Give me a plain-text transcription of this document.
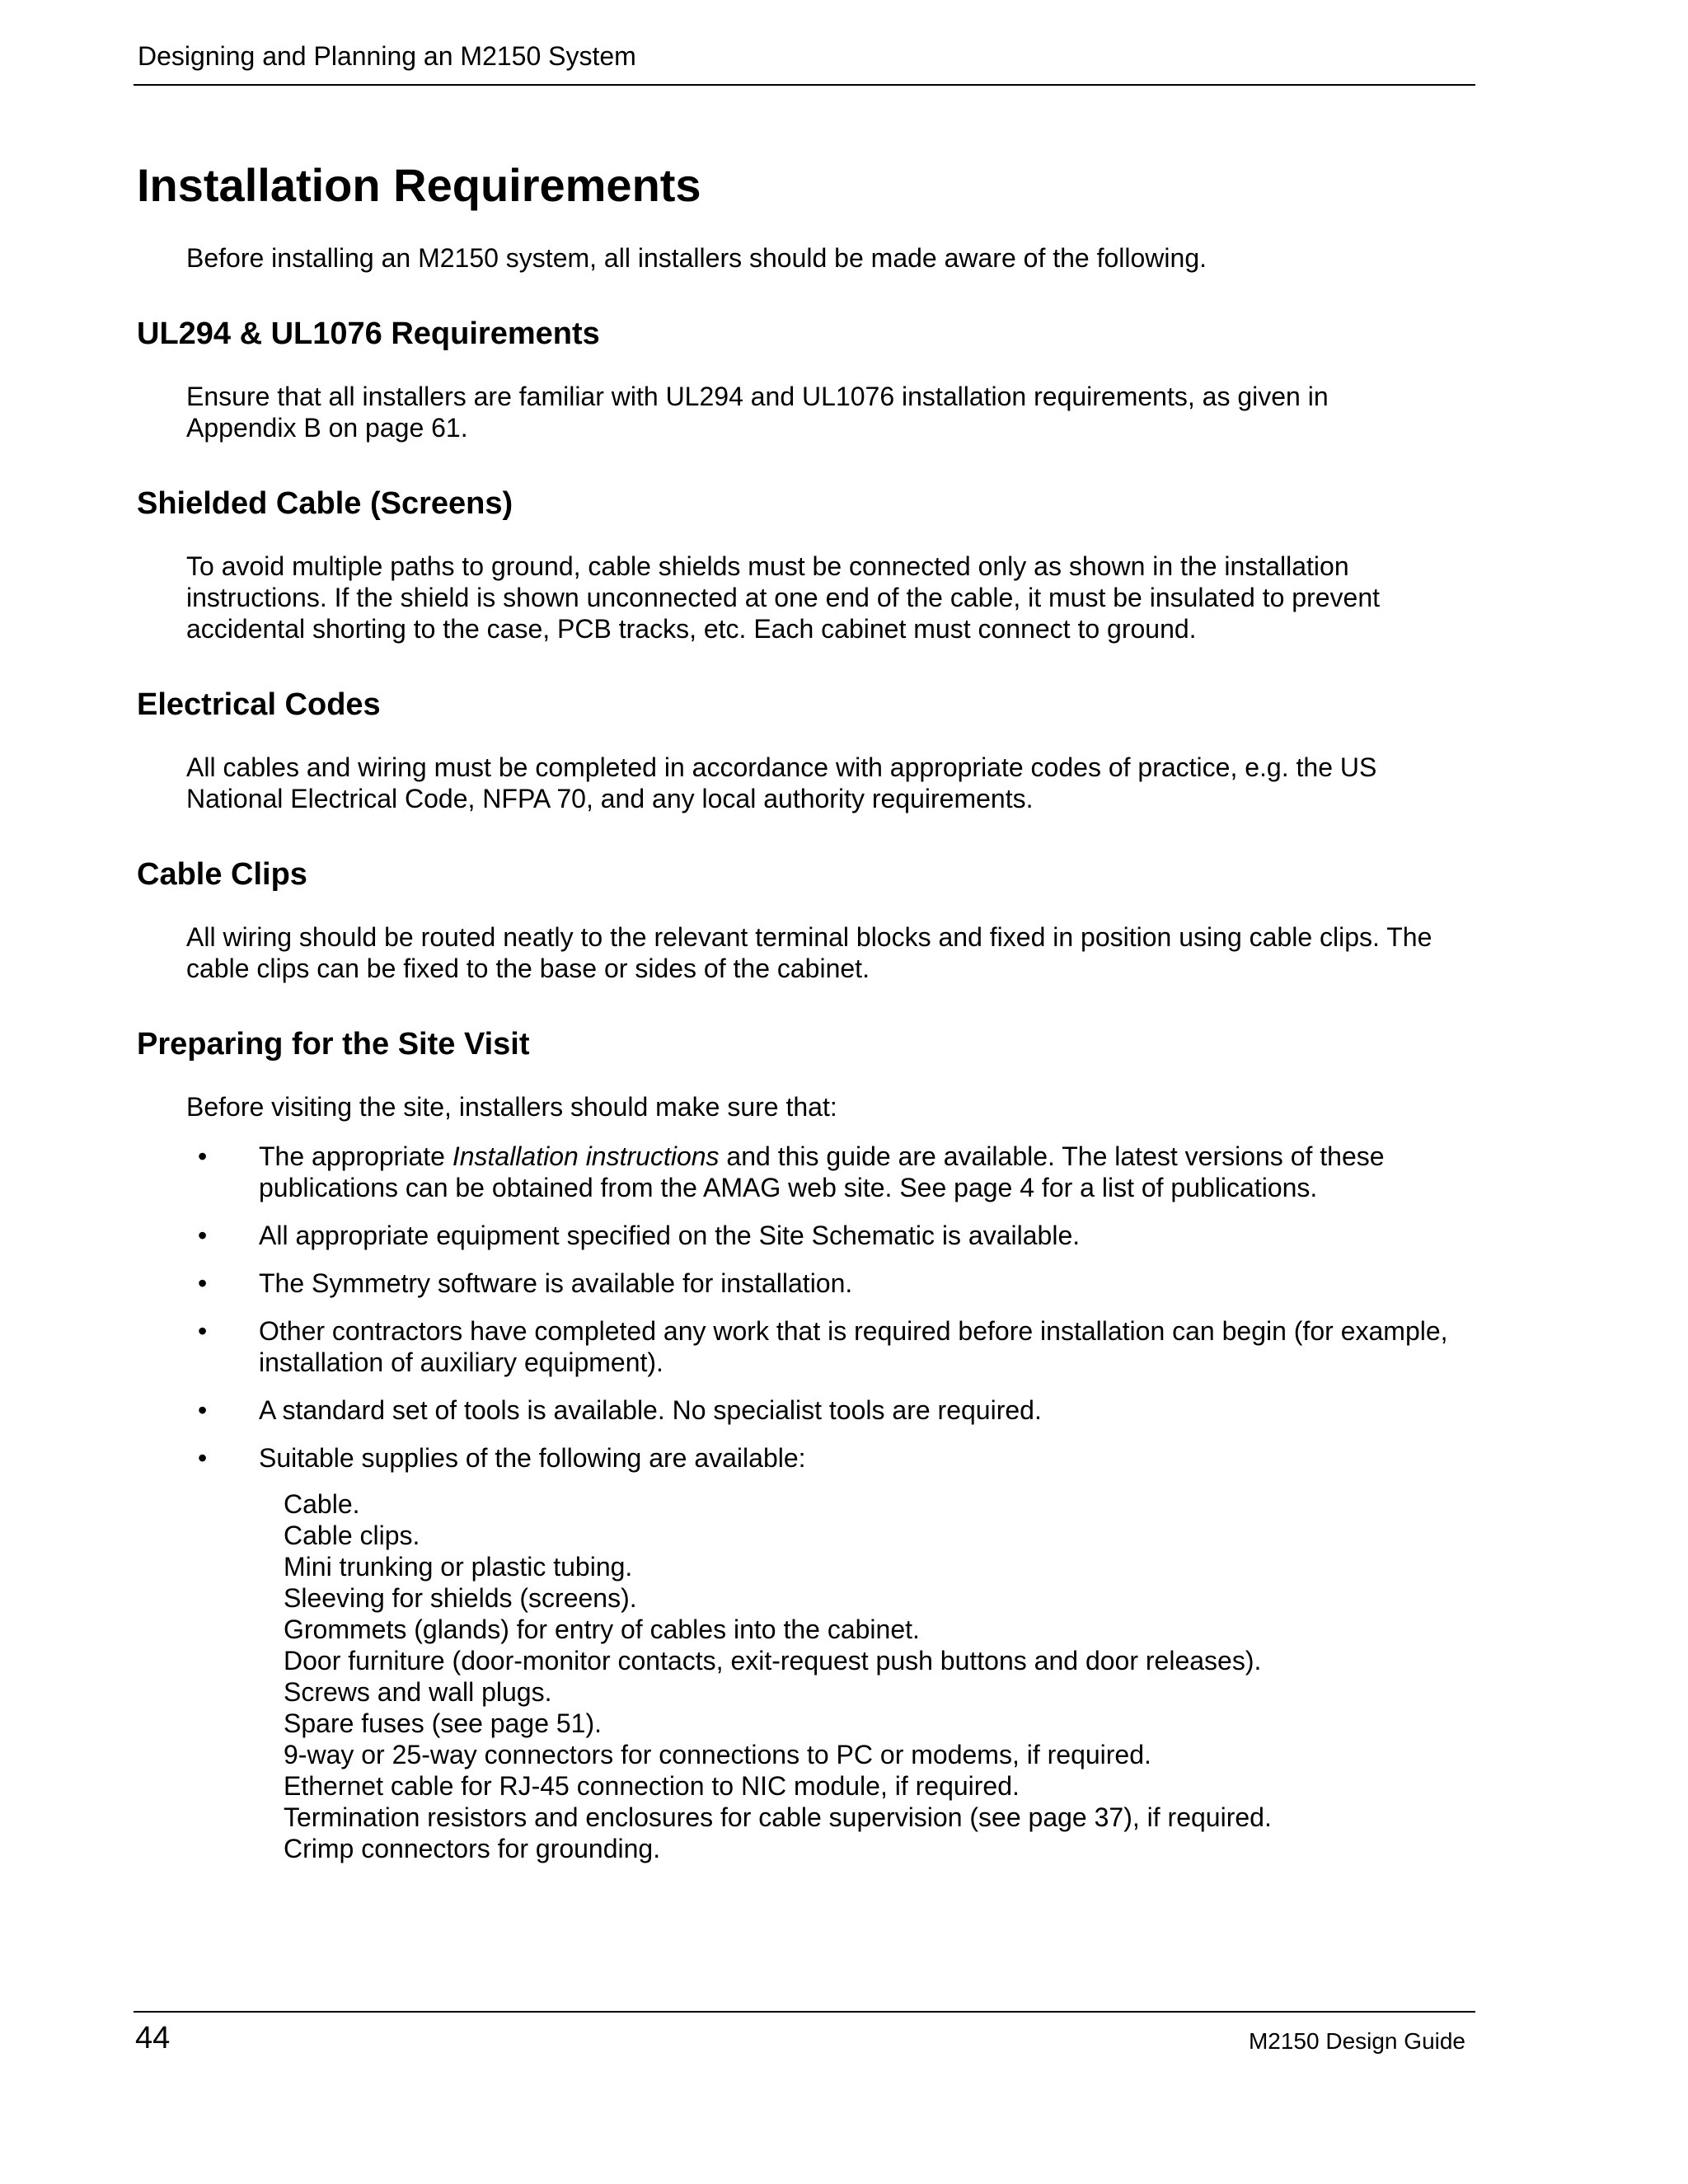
Designing and Planning an M2150 System
Installation Requirements
Before installing an M2150 system, all installers should be made aware of the following.
UL294 & UL1076 Requirements

Ensure that all installers are familiar with UL294 and UL1076 installation requirements, as given in Appendix B on page 61.

Shielded Cable (Screens)

To avoid multiple paths to ground, cable shields must be connected only as shown in the installation instructions. If the shield is shown unconnected at one end of the cable, it must be insulated to prevent accidental shorting to the case, PCB tracks, etc. Each cabinet must connect to ground.

Electrical Codes

All cables and wiring must be completed in accordance with appropriate codes of practice, e.g. the US National Electrical Code, NFPA 70, and any local authority requirements.

Cable Clips

All wiring should be routed neatly to the relevant terminal blocks and fixed in position using cable clips. The cable clips can be fixed to the base or sides of the cabinet.

Preparing for the Site Visit

Before visiting the site, installers should make sure that:

• The appropriate Installation instructions and this guide are available. The latest versions of these publications can be obtained from the AMAG web site. See page 4 for a list of publications.
• All appropriate equipment specified on the Site Schematic is available.
• The Symmetry software is available for installation.
• Other contractors have completed any work that is required before installation can begin (for example, installation of auxiliary equipment).
• A standard set of tools is available. No specialist tools are required.
• Suitable supplies of the following are available:
Cable.
Cable clips.
Mini trunking or plastic tubing.
Sleeving for shields (screens).
Grommets (glands) for entry of cables into the cabinet.
Door furniture (door-monitor contacts, exit-request push buttons and door releases).
Screws and wall plugs.
Spare fuses (see page 51).
9-way or 25-way connectors for connections to PC or modems, if required.
Ethernet cable for RJ-45 connection to NIC module, if required.
Termination resistors and enclosures for cable supervision (see page 37), if required.
Crimp connectors for grounding.
44	M2150 Design Guide
